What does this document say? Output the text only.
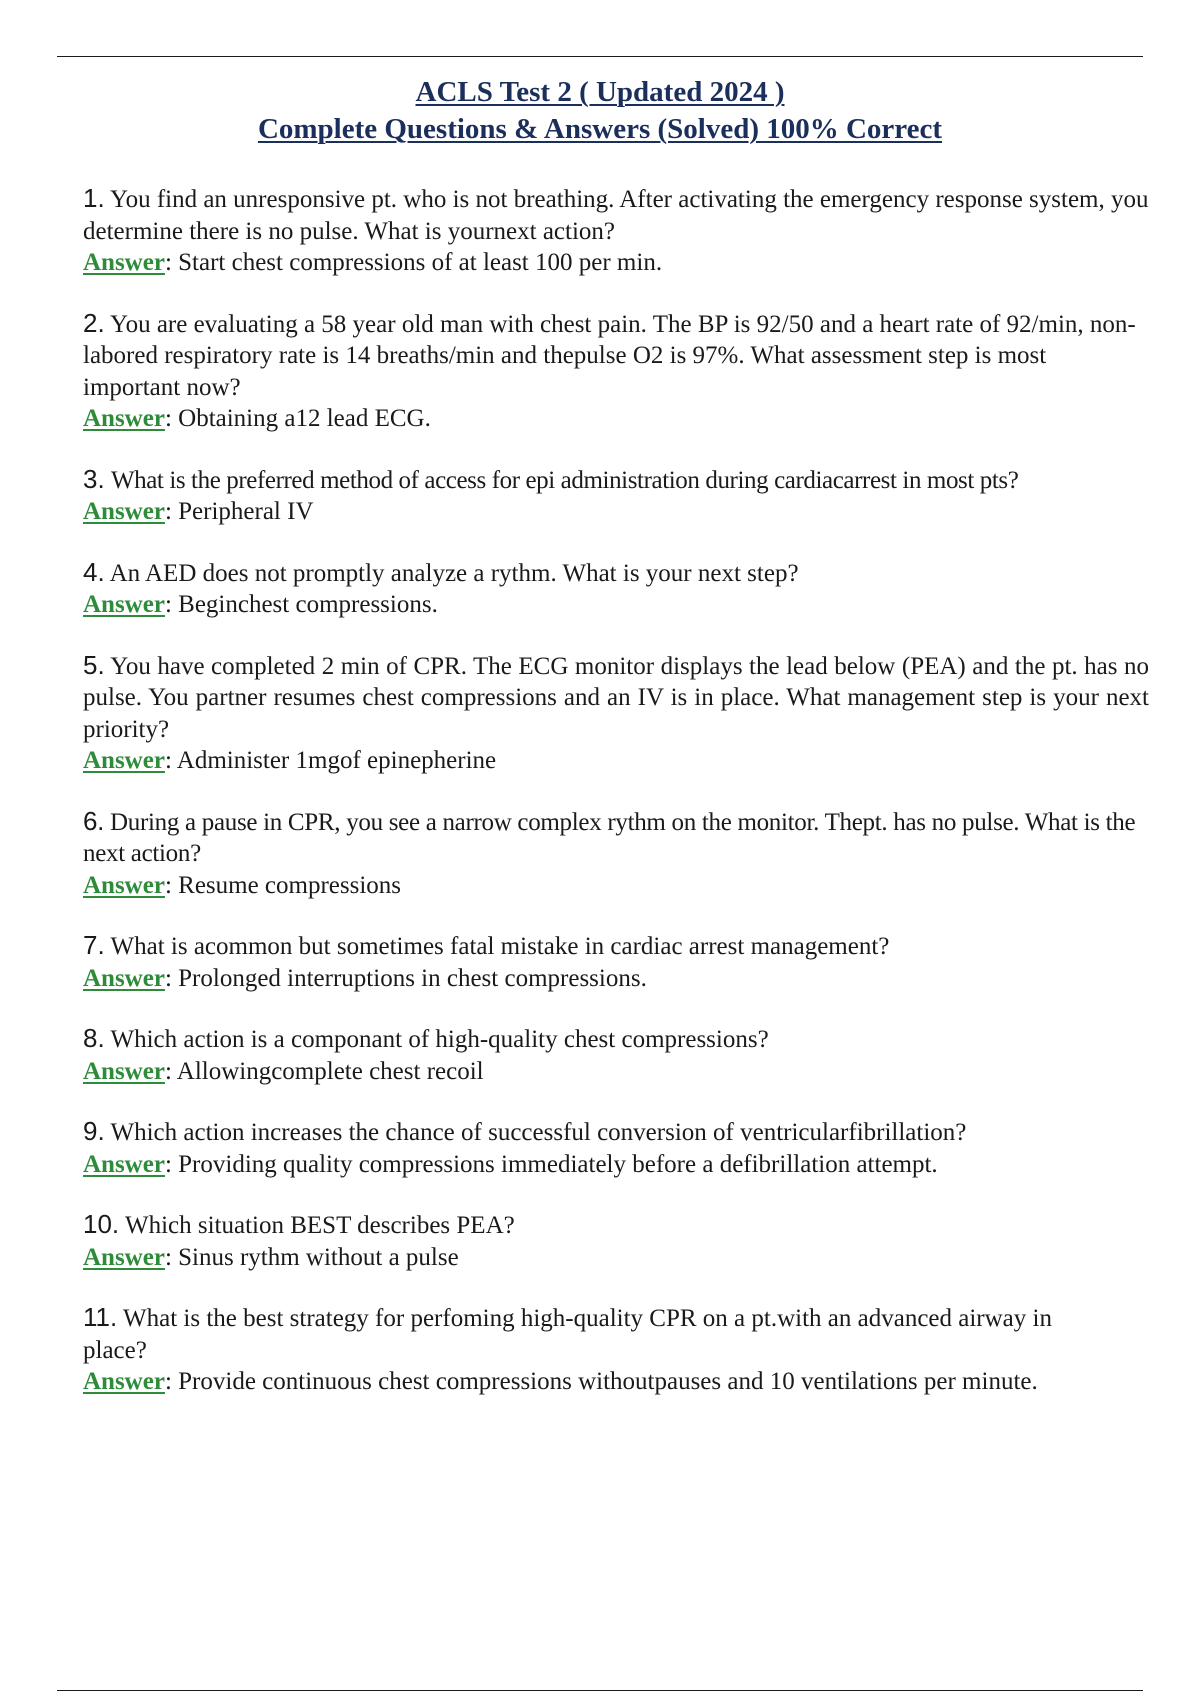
ACLS Test 2 ( Updated 2024 )
Complete Questions & Answers (Solved) 100% Correct
1. You find an unresponsive pt. who is not breathing. After activating the emergency response system, you determine there is no pulse. What is yournext action?
Answer: Start chest compressions of at least 100 per min.
2. You are evaluating a 58 year old man with chest pain. The BP is 92/50 and a heart rate of 92/min, non-labored respiratory rate is 14 breaths/min and thepulse O2 is 97%. What assessment step is most important now?
Answer: Obtaining a12 lead ECG.
3. What is the preferred method of access for epi administration during cardiacarrest in most pts?
Answer: Peripheral IV
4. An AED does not promptly analyze a rythm. What is your next step?
Answer: Beginchest compressions.
5. You have completed 2 min of CPR. The ECG monitor displays the lead below (PEA) and the pt. has no pulse. You partner resumes chest compressions and an IV is in place. What management step is your next priority?
Answer: Administer 1mgof epinepherine
6. During a pause in CPR, you see a narrow complex rythm on the monitor. Thept. has no pulse. What is the next action?
Answer: Resume compressions
7. What is acommon but sometimes fatal mistake in cardiac arrest management?
Answer: Prolonged interruptions in chest compressions.
8. Which action is a componant of high-quality chest compressions?
Answer: Allowingcomplete chest recoil
9. Which action increases the chance of successful conversion of ventricularfibrillation?
Answer: Providing quality compressions immediately before a defibrillation attempt.
10. Which situation BEST describes PEA?
Answer: Sinus rythm without a pulse
11. What is the best strategy for perfoming high-quality CPR on a pt.with an advanced airway in place?
Answer: Provide continuous chest compressions withoutpauses and 10 ventilations per minute.
